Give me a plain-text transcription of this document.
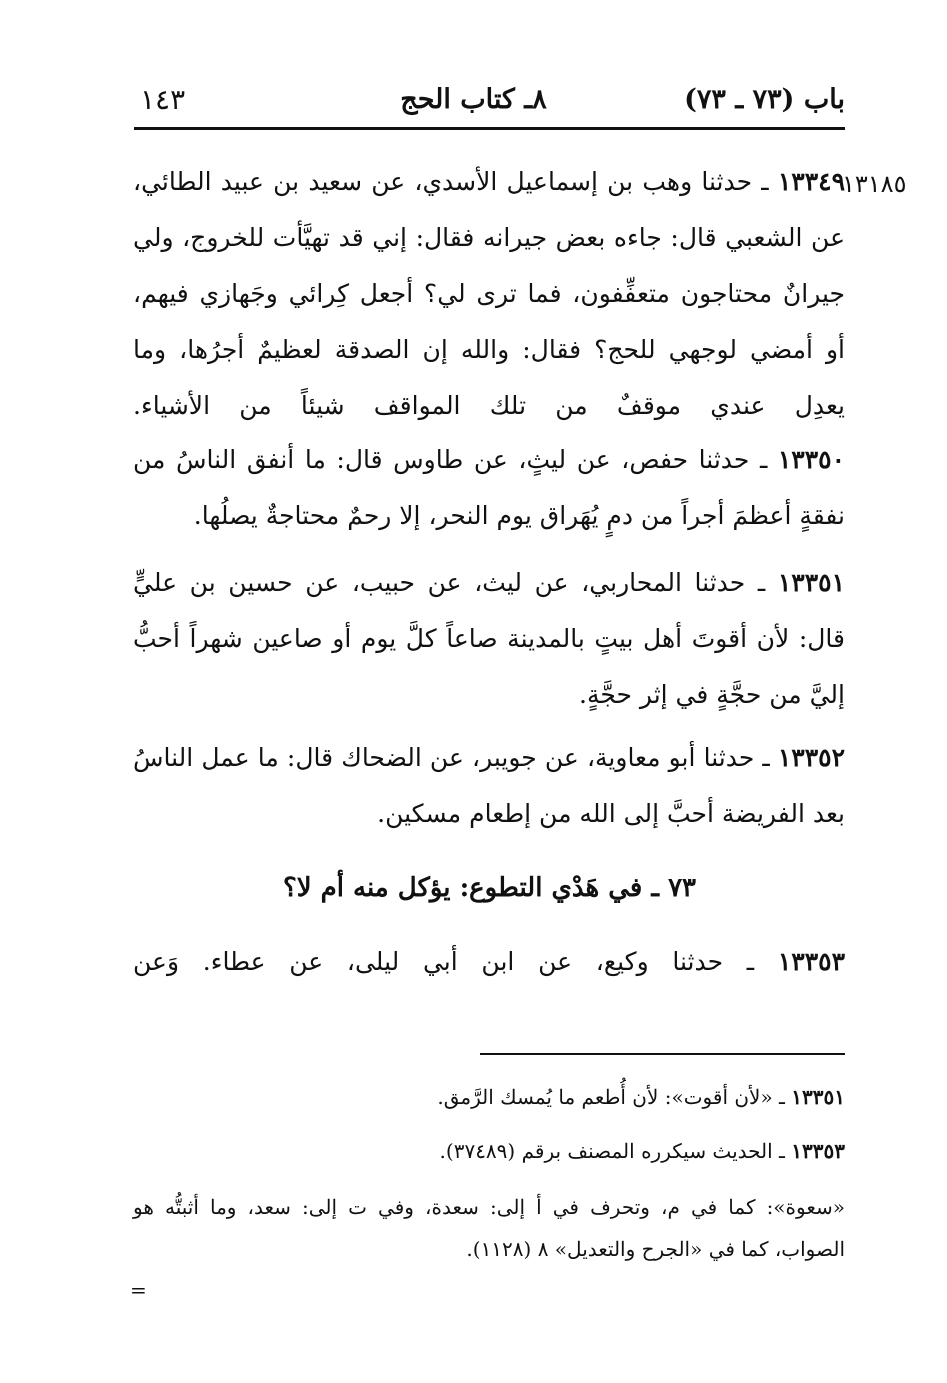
باب (٧٣ ـ ٧٣)
٨ـ كتاب الحج
١٤٣
١٣١٨٥
١٣٣٤٩ ـ حدثنا وهب بن إسماعيل الأسدي، عن سعيد بن عبيد الطائي، عن الشعبي قال: جاءه بعض جيرانه فقال: إني قد تهيَّأت للخروج، ولي جيرانٌ محتاجون متعفِّفون، فما ترى لي؟ أجعل كِرائي وجَهازي فيهم، أو أمضي لوجهي للحج؟ فقال: والله إن الصدقة لعظيمٌ أجرُها، وما يعدِل عندي موقفٌ من تلك المواقف شيئاً من الأشياء.
١٣٣٥٠ ـ حدثنا حفص، عن ليثٍ، عن طاوس قال: ما أنفق الناسُ من نفقةٍ أعظمَ أجراً من دمٍ يُهَراق يوم النحر، إلا رحمٌ محتاجةٌ يصلُها.
١٣٣٥١ ـ حدثنا المحاربي، عن ليث، عن حبيب، عن حسين بن عليٍّ قال: لأن أقوتَ أهل بيتٍ بالمدينة صاعاً كلَّ يوم أو صاعين شهراً أحبُّ إليَّ من حجَّةٍ في إثر حجَّةٍ.
١٣٣٥٢ ـ حدثنا أبو معاوية، عن جويبر، عن الضحاك قال: ما عمل الناسُ بعد الفريضة أحبَّ إلى الله من إطعام مسكين.
٧٣ ـ في هَدْي التطوع: يؤكل منه أم لا؟
١٣٣٥٣ ـ حدثنا وكيع، عن ابن أبي ليلى، عن عطاء. وَعن
١٣٣٥١ ـ «لأن أقوت»: لأن أُطعم ما يُمسك الرَّمق.
١٣٣٥٣ ـ الحديث سيكرره المصنف برقم (٣٧٤٨٩).
«سعوة»: كما في م، وتحرف في أ إلى: سعدة، وفي ت إلى: سعد، وما أثبتُّه هو الصواب، كما في «الجرح والتعديل» ٨ (١١٢٨).
=
